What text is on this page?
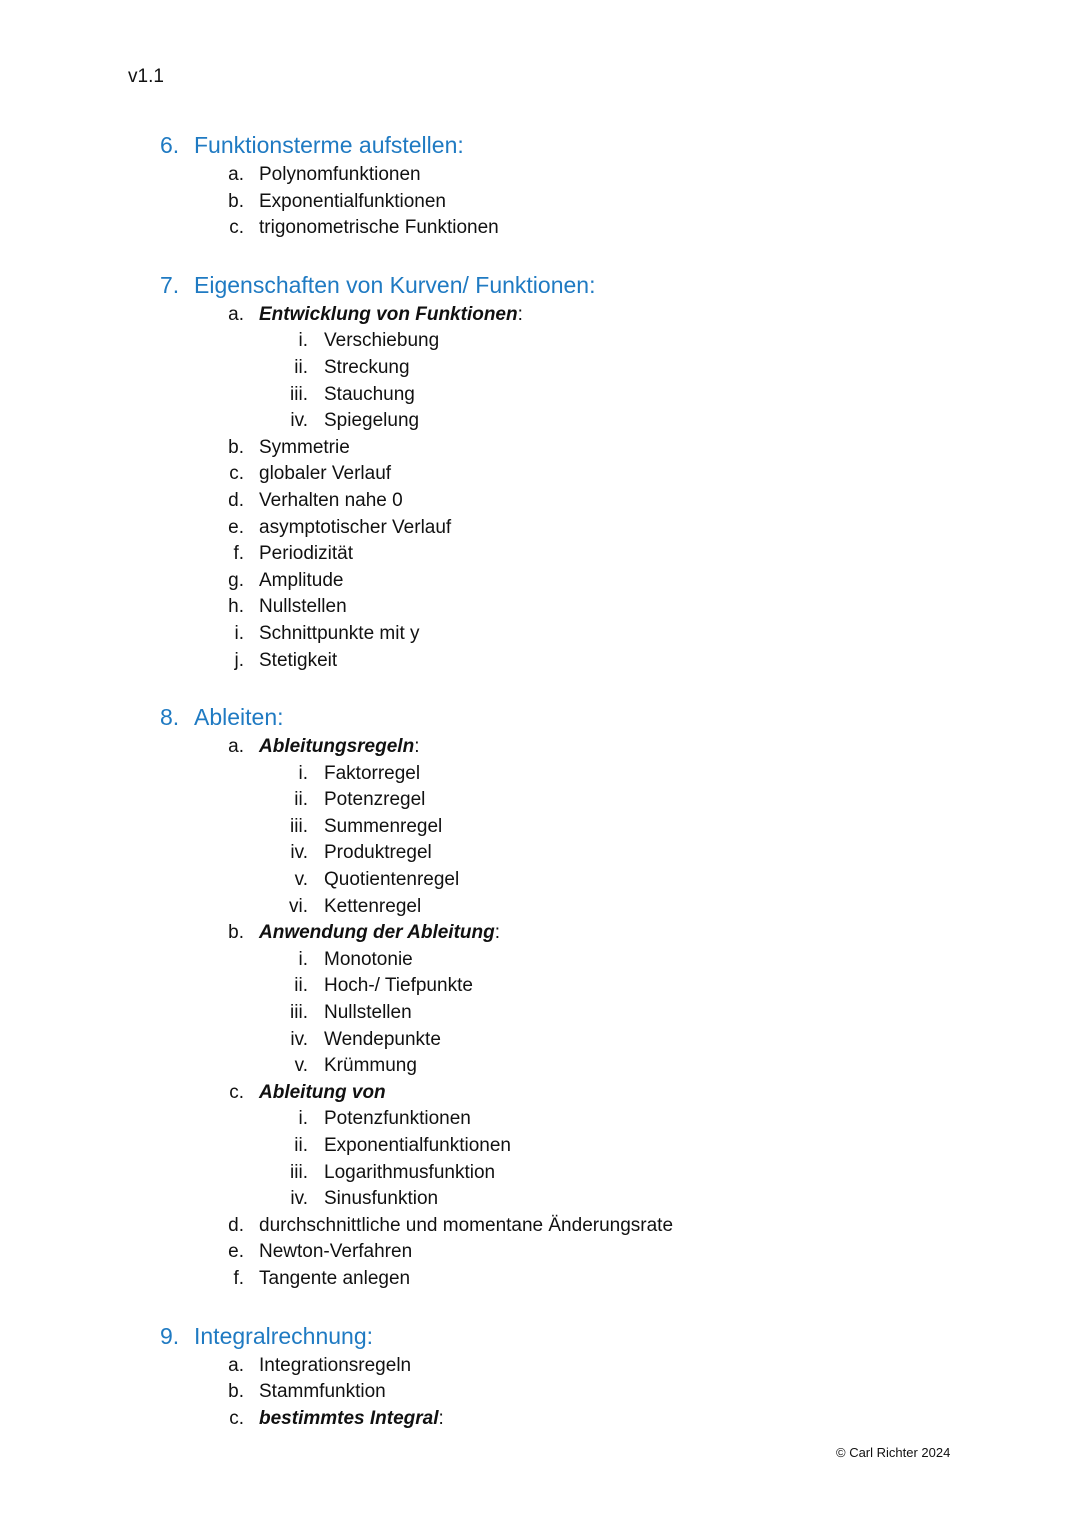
v1.1
6. Funktionsterme aufstellen:
a. Polynomfunktionen
b. Exponentialfunktionen
c. trigonometrische Funktionen
7. Eigenschaften von Kurven/ Funktionen:
a. Entwicklung von Funktionen:
i. Verschiebung
ii. Streckung
iii. Stauchung
iv. Spiegelung
b. Symmetrie
c. globaler Verlauf
d. Verhalten nahe 0
e. asymptotischer Verlauf
f. Periodizität
g. Amplitude
h. Nullstellen
i. Schnittpunkte mit y
j. Stetigkeit
8. Ableiten:
a. Ableitungsregeln:
i. Faktorregel
ii. Potenzregel
iii. Summenregel
iv. Produktregel
v. Quotientenregel
vi. Kettenregel
b. Anwendung der Ableitung:
i. Monotonie
ii. Hoch-/ Tiefpunkte
iii. Nullstellen
iv. Wendepunkte
v. Krümmung
c. Ableitung von
i. Potenzfunktionen
ii. Exponentialfunktionen
iii. Logarithmusfunktion
iv. Sinusfunktion
d. durchschnittliche und momentane Änderungsrate
e. Newton-Verfahren
f. Tangente anlegen
9. Integralrechnung:
a. Integrationsregeln
b. Stammfunktion
c. bestimmtes Integral:
© Carl Richter 2024
